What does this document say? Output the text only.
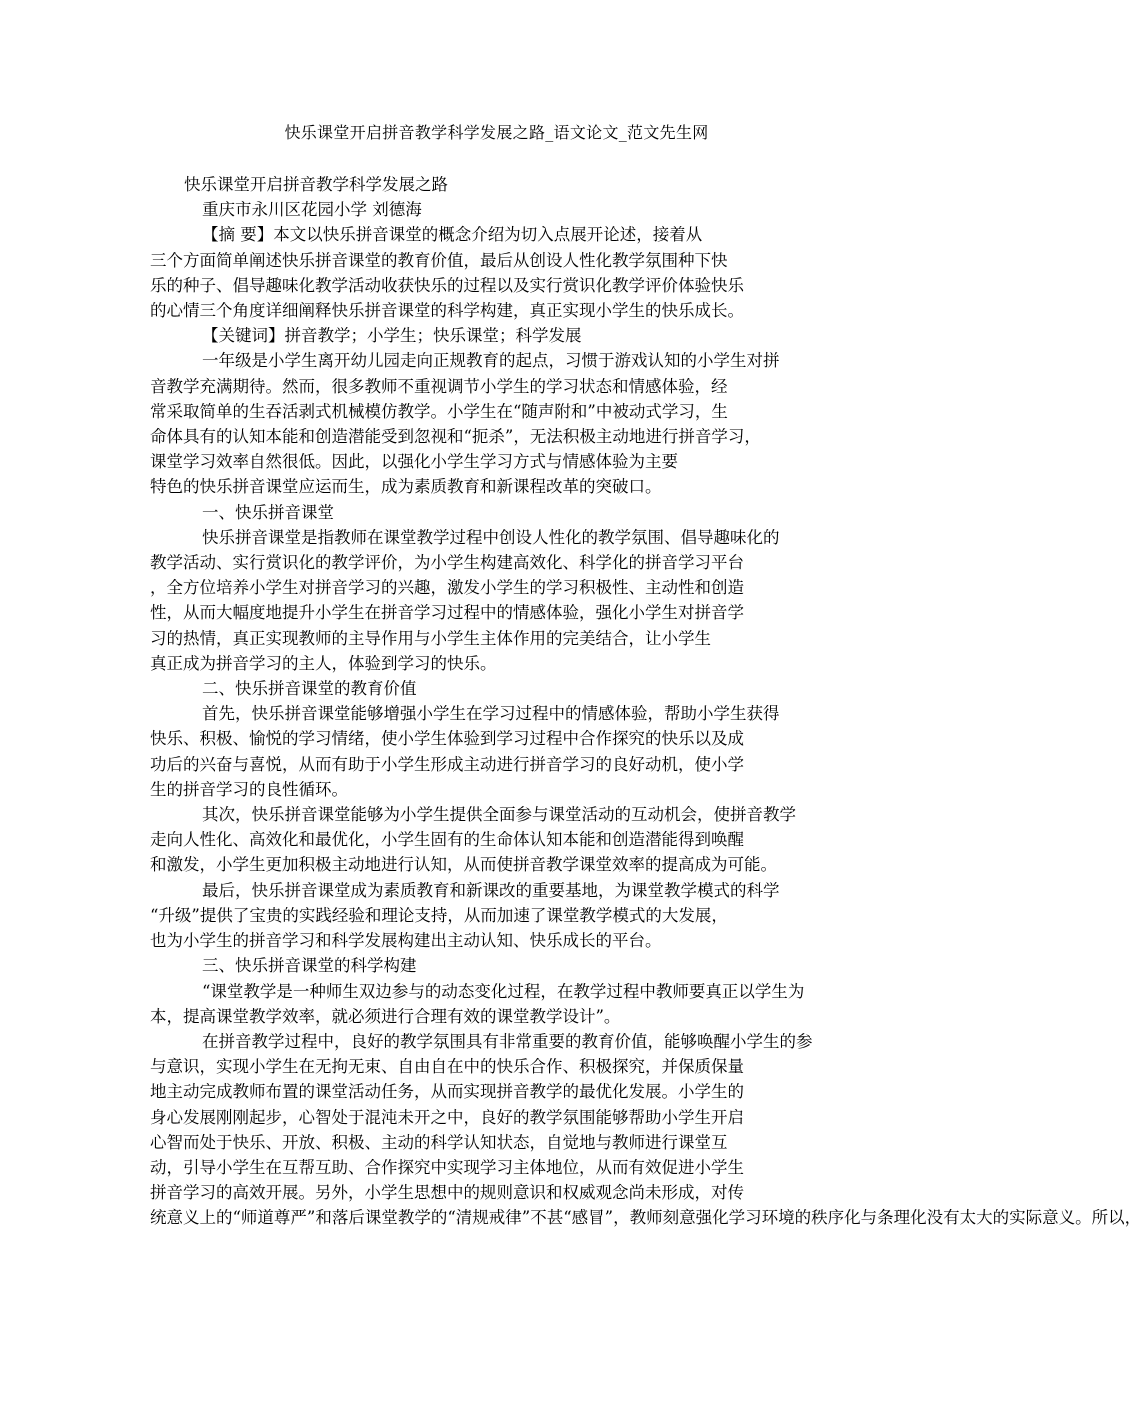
快乐课堂开启拼音教学科学发展之路_语文论文_范文先生网

快乐课堂开启拼音教学科学发展之路

重庆市永川区花园小学 刘德海

【摘 要】本文以快乐拼音课堂的概念介绍为切入点展开论述，接着从
三个方面简单阐述快乐拼音课堂的教育价值，最后从创设人性化教学氛围种下快
乐的种子、倡导趣味化教学活动收获快乐的过程以及实行赏识化教学评价体验快乐
的心情三个角度详细阐释快乐拼音课堂的科学构建，真正实现小学生的快乐成长。

【关键词】拼音教学；小学生；快乐课堂；科学发展

一年级是小学生离开幼儿园走向正规教育的起点，习惯于游戏认知的小学生对拼
音教学充满期待。然而，很多教师不重视调节小学生的学习状态和情感体验，经
常采取简单的生吞活剥式机械模仿教学。小学生在“随声附和”中被动式学习，生
命体具有的认知本能和创造潜能受到忽视和“扼杀”，无法积极主动地进行拼音学习，
课堂学习效率自然很低。因此，以强化小学生学习方式与情感体验为主要
特色的快乐拼音课堂应运而生，成为素质教育和新课程改革的突破口。

一、快乐拼音课堂

快乐拼音课堂是指教师在课堂教学过程中创设人性化的教学氛围、倡导趣味化的
教学活动、实行赏识化的教学评价，为小学生构建高效化、科学化的拼音学习平台
，全方位培养小学生对拼音学习的兴趣，激发小学生的学习积极性、主动性和创造
性，从而大幅度地提升小学生在拼音学习过程中的情感体验，强化小学生对拼音学
习的热情，真正实现教师的主导作用与小学生主体作用的完美结合，让小学生
真正成为拼音学习的主人，体验到学习的快乐。

二、快乐拼音课堂的教育价值

首先，快乐拼音课堂能够增强小学生在学习过程中的情感体验，帮助小学生获得
快乐、积极、愉悦的学习情绪，使小学生体验到学习过程中合作探究的快乐以及成
功后的兴奋与喜悦，从而有助于小学生形成主动进行拼音学习的良好动机，使小学
生的拼音学习的良性循环。

其次，快乐拼音课堂能够为小学生提供全面参与课堂活动的互动机会，使拼音教学
走向人性化、高效化和最优化，小学生固有的生命体认知本能和创造潜能得到唤醒
和激发，小学生更加积极主动地进行认知，从而使拼音教学课堂效率的提高成为可能。

最后，快乐拼音课堂成为素质教育和新课改的重要基地，为课堂教学模式的科学
“升级”提供了宝贵的实践经验和理论支持，从而加速了课堂教学模式的大发展，
也为小学生的拼音学习和科学发展构建出主动认知、快乐成长的平台。

三、快乐拼音课堂的科学构建

“课堂教学是一种师生双边参与的动态变化过程，在教学过程中教师要真正以学生为
本，提高课堂教学效率，就必须进行合理有效的课堂教学设计”。

在拼音教学过程中，良好的教学氛围具有非常重要的教育价值，能够唤醒小学生的参
与意识，实现小学生在无拘无束、自由自在中的快乐合作、积极探究，并保质保量
地主动完成教师布置的课堂活动任务，从而实现拼音教学的最优化发展。小学生的
身心发展刚刚起步，心智处于混沌未开之中，良好的教学氛围能够帮助小学生开启
心智而处于快乐、开放、积极、主动的科学认知状态，自觉地与教师进行课堂互
动，引导小学生在互帮互助、合作探究中实现学习主体地位，从而有效促进小学生
拼音学习的高效开展。另外，小学生思想中的规则意识和权威观念尚未形成，对传
统意义上的“师道尊严”和落后课堂教学的“清规戒律”不甚“感冒”，教师刻意强化学习环境的秩序化与条理化没有太大的实际意义。所以，
